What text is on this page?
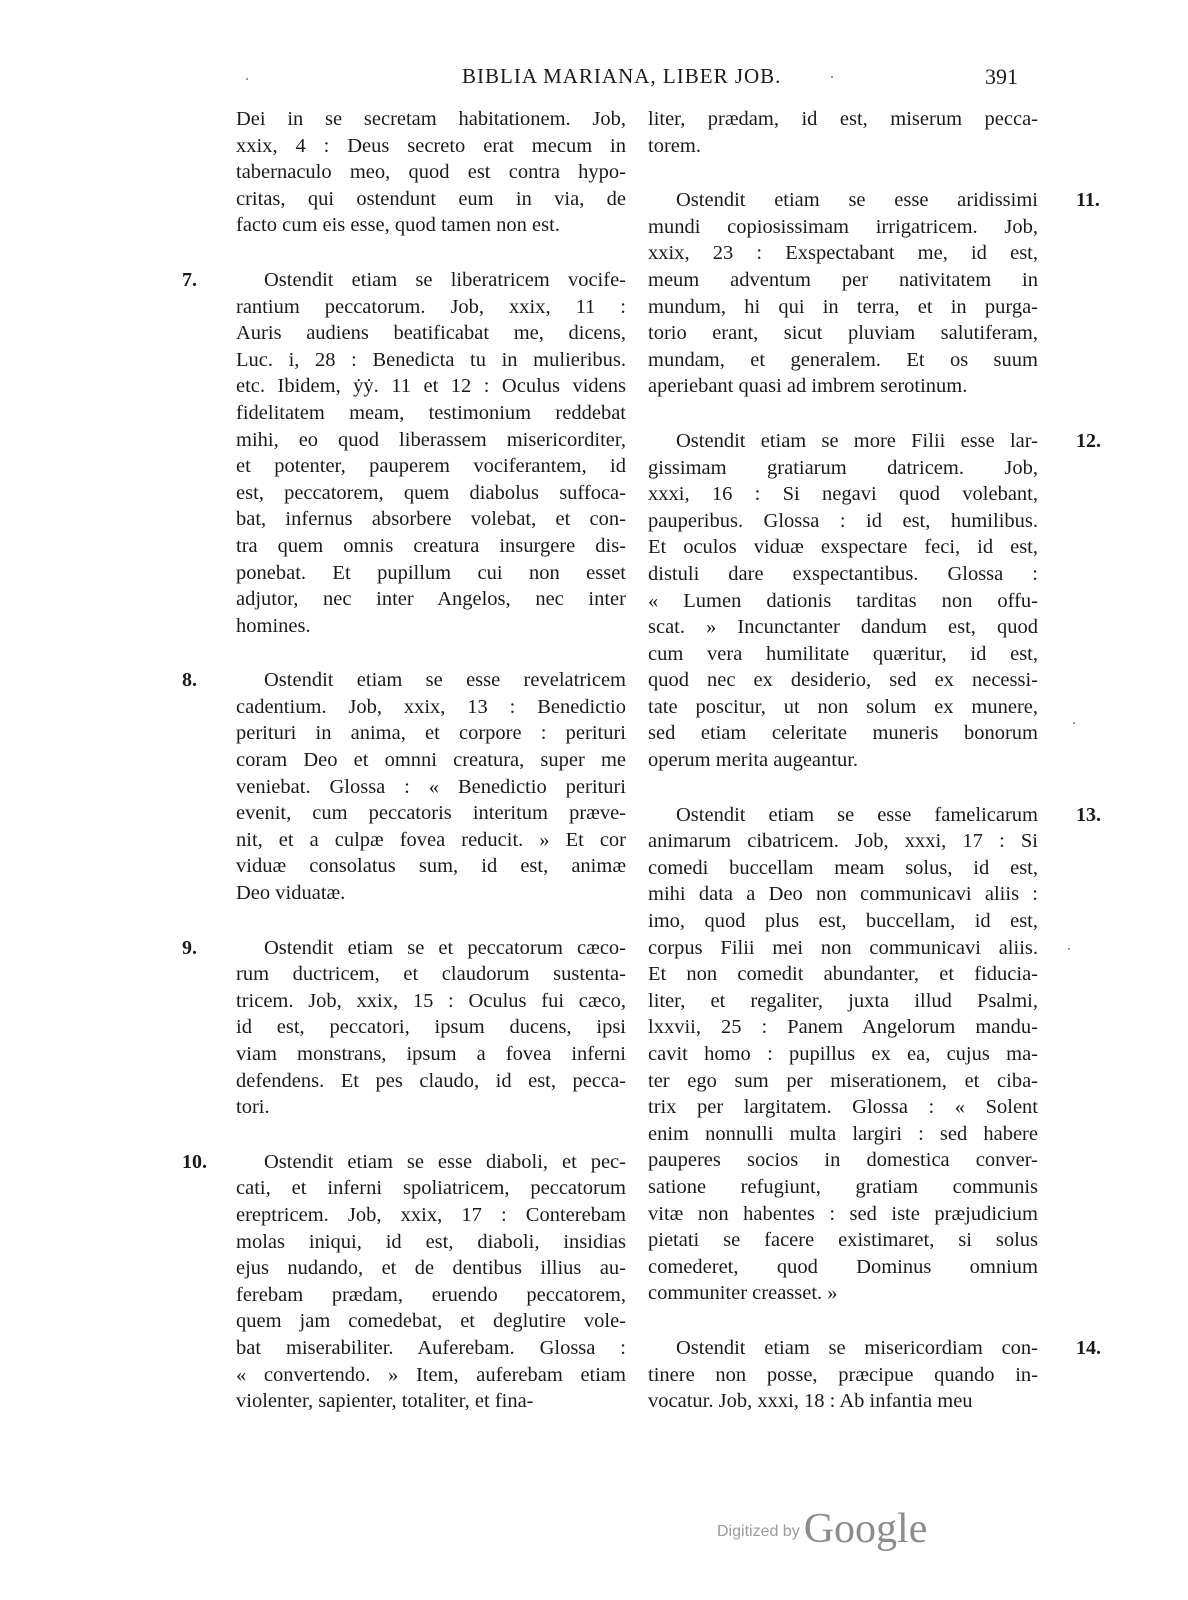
BIBLIA MARIANA, LIBER JOB.	391
Dei in se secretam habitationem. Job,
xxix, 4 : Deus secreto erat mecum in
tabernaculo meo, quod est contra hypo-
critas, qui ostendunt eum in via, de
facto cum eis esse, quod tamen non est.
7.	Ostendit etiam se liberatricem vocife-
rantium peccatorum. Job, xxix, 11 :
Auris audiens beatificabat me, dicens,
Luc. i, 28 : Benedicta tu in mulieribus.
etc. Ibidem, ẏẏ. 11 et 12 : Oculus videns
fidelitatem meam, testimonium reddebat
mihi, eo quod liberassem misericorditer,
et potenter, pauperem vociferantem, id
est, peccatorem, quem diabolus suffoca-
bat, infernus absorbere volebat, et con-
tra quem omnis creatura insurgere dis-
ponebat. Et pupillum cui non esset
adjutor, nec inter Angelos, nec inter
homines.
8.	Ostendit etiam se esse revelatricem
cadentium. Job, xxix, 13 : Benedictio
perituri in anima, et corpore : perituri
coram Deo et omnni creatura, super me
veniebat. Glossa : « Benedictio perituri
evenit, cum peccatoris interitum præve-
nit, et a culpæ fovea reducit. » Et cor
viduæ consolatus sum, id est, animæ
Deo viduatæ.
9.	Ostendit etiam se et peccatorum cæco-
rum ductricem, et claudorum sustenta-
tricem. Job, xxix, 15 : Oculus fui cæco,
id est, peccatori, ipsum ducens, ipsi
viam monstrans, ipsum a fovea inferni
defendens. Et pes claudo, id est, pecca-
tori.
10.	Ostendit etiam se esse diaboli, et pec-
cati, et inferni spoliatricem, peccatorum
ereptricem. Job, xxix, 17 : Conterebam
molas iniqui, id est, diaboli, insidias
ejus nudando, et de dentibus illius au-
ferebam prædam, eruendo peccatorem,
quem jam comedebat, et deglutire vole-
bat miserabiliter. Auferebam. Glossa :
« convertendo. » Item, auferebam etiam
violenter, sapienter, totaliter, et fina-
liter, prædam, id est, miserum pecca-
torem.
11.
Ostendit etiam se esse aridissimi
mundi copiosissimam irrigatricem. Job,
xxix, 23 : Exspectabant me, id est,
meum adventum per nativitatem in
mundum, hi qui in terra, et in purga-
torio erant, sicut pluviam salutiferam,
mundam, et generalem. Et os suum
aperiebant quasi ad imbrem serotinum.
12.
Ostendit etiam se more Filii esse lar-
gissimam gratiarum datricem. Job,
xxxi, 16 : Si negavi quod volebant,
pauperibus. Glossa : id est, humilibus.
Et oculos viduæ exspectare feci, id est,
distuli dare exspectantibus. Glossa :
« Lumen dationis tarditas non offu-
scat. » Incunctanter dandum est, quod
cum vera humilitate quæritur, id est,
quod nec ex desiderio, sed ex necessi-
tate poscitur, ut non solum ex munere,
sed etiam celeritate muneris bonorum
operum merita augeantur.
13.
Ostendit etiam se esse famelicarum
animarum cibatricem. Job, xxxi, 17 : Si
comedi buccellam meam solus, id est,
mihi data a Deo non communicavi aliis :
imo, quod plus est, buccellam, id est,
corpus Filii mei non communicavi aliis.
Et non comedit abundanter, et fiducia-
liter, et regaliter, juxta illud Psalmi,
lxxvii, 25 : Panem Angelorum mandu-
cavit homo : pupillus ex ea, cujus ma-
ter ego sum per miserationem, et ciba-
trix per largitatem. Glossa : « Solent
enim nonnulli multa largiri : sed habere
pauperes socios in domestica conver-
satione refugiunt, gratiam communis
vitæ non habentes : sed iste præjudicium
pietati se facere existimaret, si solus
comederet, quod Dominus omnium
communiter creasset. »
14.
Ostendit etiam se misericordiam con-
tinere non posse, præcipue quando in-
vocatur. Job, xxxi, 18 : Ab infantia meu
Digitized by Google
